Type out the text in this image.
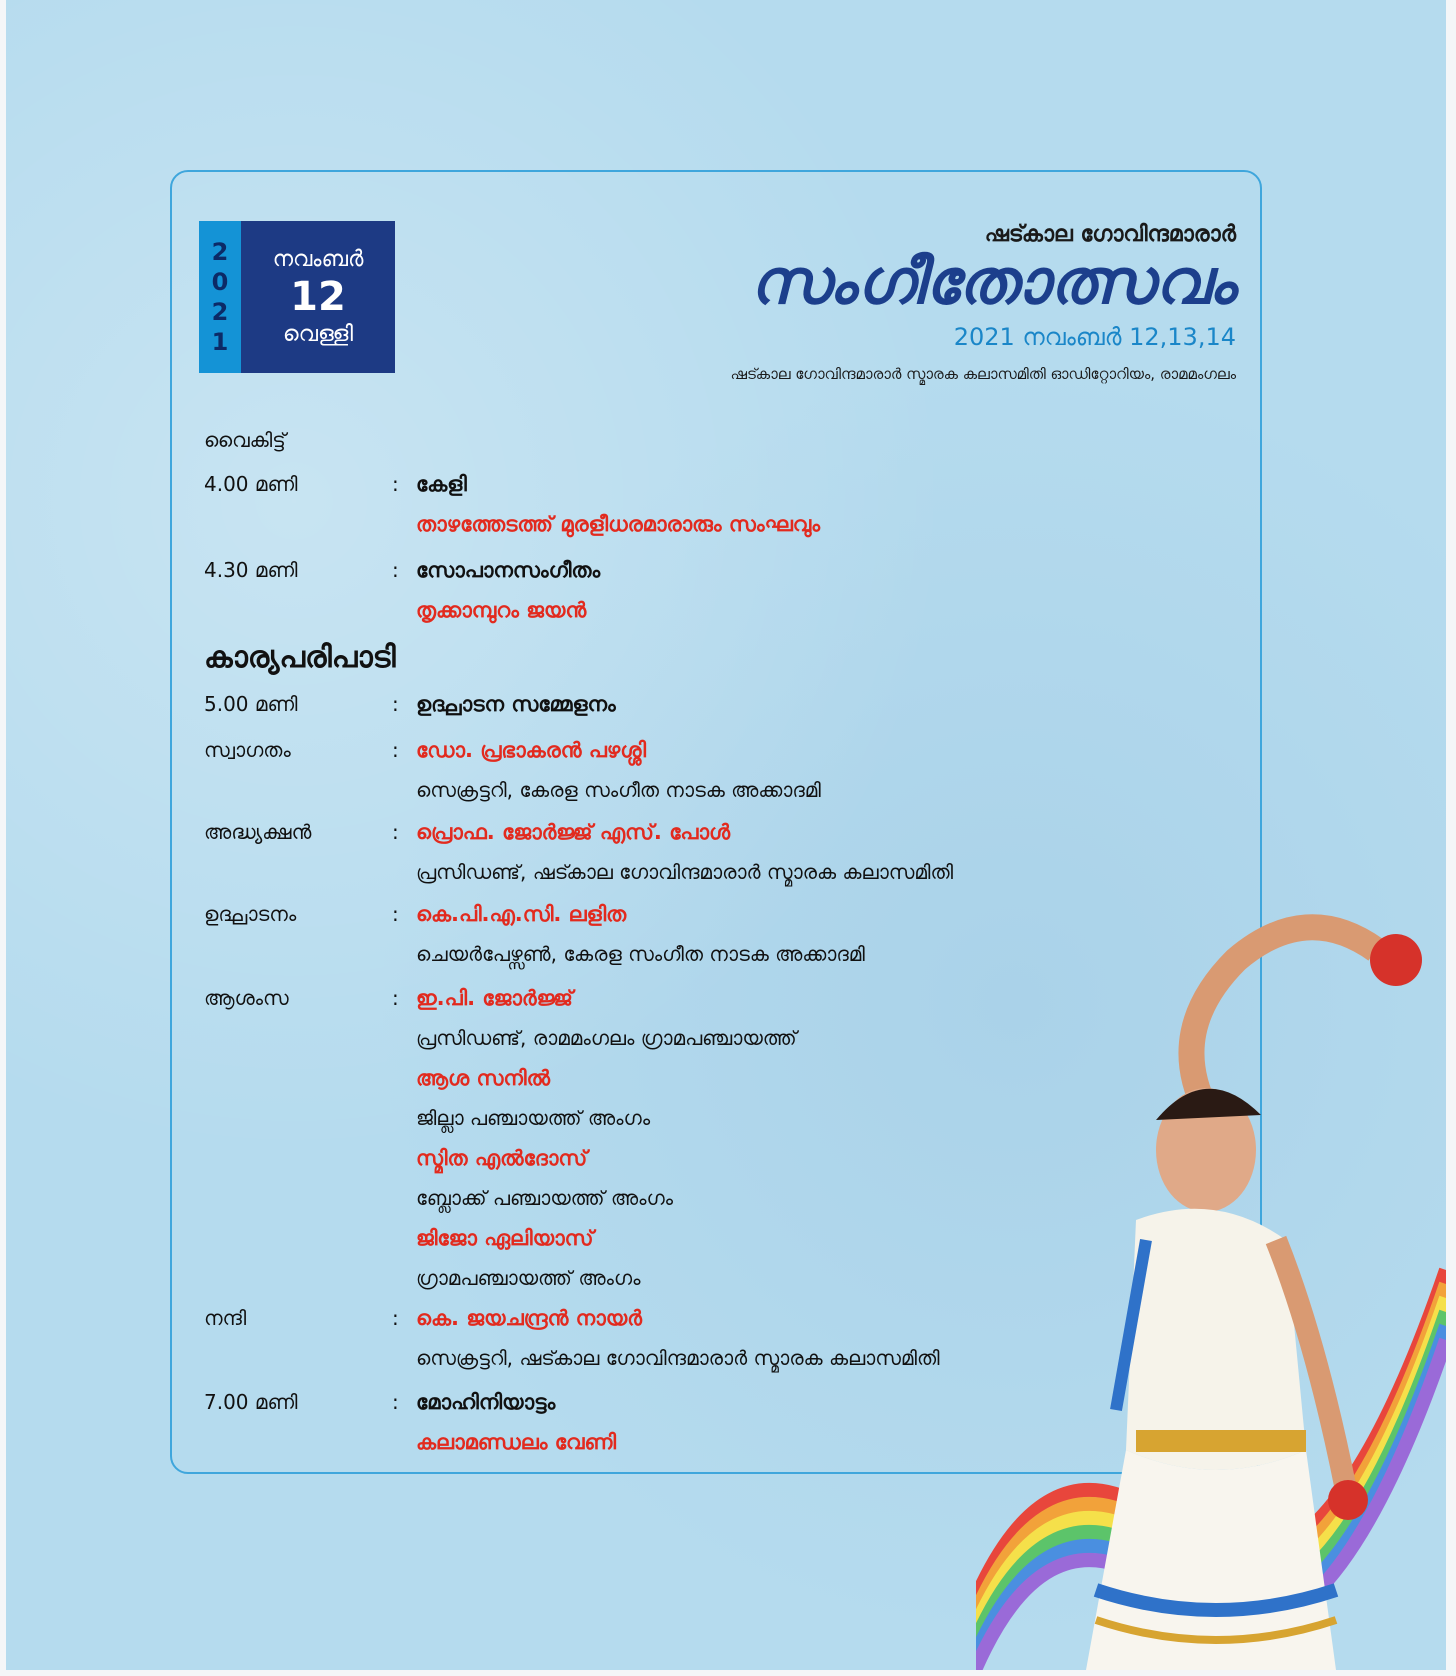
2
0
2
1
നവംബർ
12
വെള്ളി
ഷട്കാല ഗോവിന്ദമാരാർ
സംഗീതോത്സവം
2021 നവംബർ 12,13,14
ഷട്കാല ഗോവിന്ദമാരാർ സ്മാരക കലാസമിതി ഓഡിറ്റോറിയം, രാമമംഗലം
വൈകിട്ട്
4.00 മണി	: കേളി
താഴത്തേടത്ത് മുരളീധരമാരാരും സംഘവും
4.30 മണി	: സോപാനസംഗീതം
തൃക്കാമ്പുറം ജയൻ
കാര്യപരിപാടി
5.00 മണി	: ഉദ്ഘാടന സമ്മേളനം
സ്വാഗതം	: ഡോ. പ്രഭാകരൻ പഴശ്ശി
സെക്രട്ടറി, കേരള സംഗീത നാടക അക്കാദമി
അദ്ധ്യക്ഷൻ	: പ്രൊഫ. ജോർജ്ജ് എസ്. പോൾ
പ്രസിഡണ്ട്, ഷട്കാല ഗോവിന്ദമാരാർ സ്മാരക കലാസമിതി
ഉദ്ഘാടനം	: കെ.പി.എ.സി. ലളിത
ചെയർപേഴ്സൺ, കേരള സംഗീത നാടക അക്കാദമി
ആശംസ	: ഇ.പി. ജോർജ്ജ്
പ്രസിഡണ്ട്, രാമമംഗലം ഗ്രാമപഞ്ചായത്ത്
ആശ സനിൽ
ജില്ലാ പഞ്ചായത്ത് അംഗം
സ്മിത എൽദോസ്
ബ്ലോക്ക് പഞ്ചായത്ത് അംഗം
ജിജോ ഏലിയാസ്
ഗ്രാമപഞ്ചായത്ത് അംഗം
നന്ദി	: കെ. ജയചന്ദ്രൻ നായർ
സെക്രട്ടറി, ഷട്കാല ഗോവിന്ദമാരാർ സ്മാരക കലാസമിതി
7.00 മണി	: മോഹിനിയാട്ടം
കലാമണ്ഡലം വേണി
